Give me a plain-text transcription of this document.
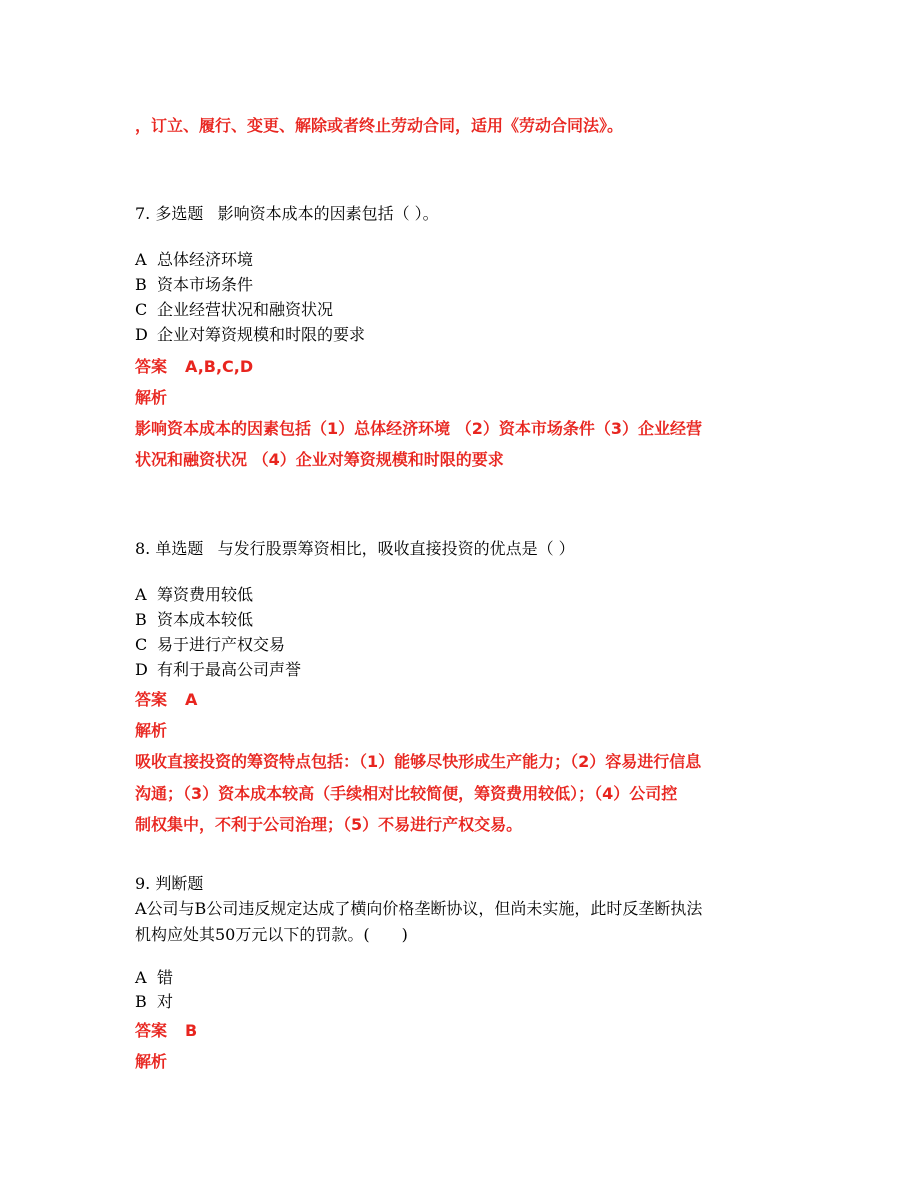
，订立、履行、变更、解除或者终止劳动合同，适用《劳动合同法》。
7. 多选题 影响资本成本的因素包括（ ）。
A 总体经济环境
B 资本市场条件
C 企业经营状况和融资状况
D 企业对筹资规模和时限的要求
答案 A,B,C,D
解析
影响资本成本的因素包括（1）总体经济环境 （2）资本市场条件（3）企业经营
状况和融资状况 （4）企业对筹资规模和时限的要求
8. 单选题 与发行股票筹资相比，吸收直接投资的优点是（ ）
A 筹资费用较低
B 资本成本较低
C 易于进行产权交易
D 有利于最高公司声誉
答案 A
解析
吸收直接投资的筹资特点包括：（1）能够尽快形成生产能力；（2）容易进行信息
沟通；（3）资本成本较高（手续相对比较简便，筹资费用较低）；（4）公司控
制权集中，不利于公司治理；（5）不易进行产权交易。
9. 判断题
A公司与B公司违反规定达成了横向价格垄断协议，但尚未实施，此时反垄断执法
机构应处其50万元以下的罚款。(　　)
A 错
B 对
答案 B
解析
